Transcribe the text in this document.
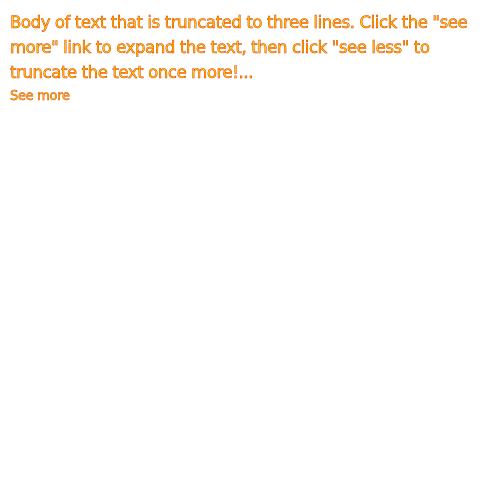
Body of text that is truncated to three lines. Click the "see more" link to expand the text, then click "see less" to truncate the text once more!...

See more
